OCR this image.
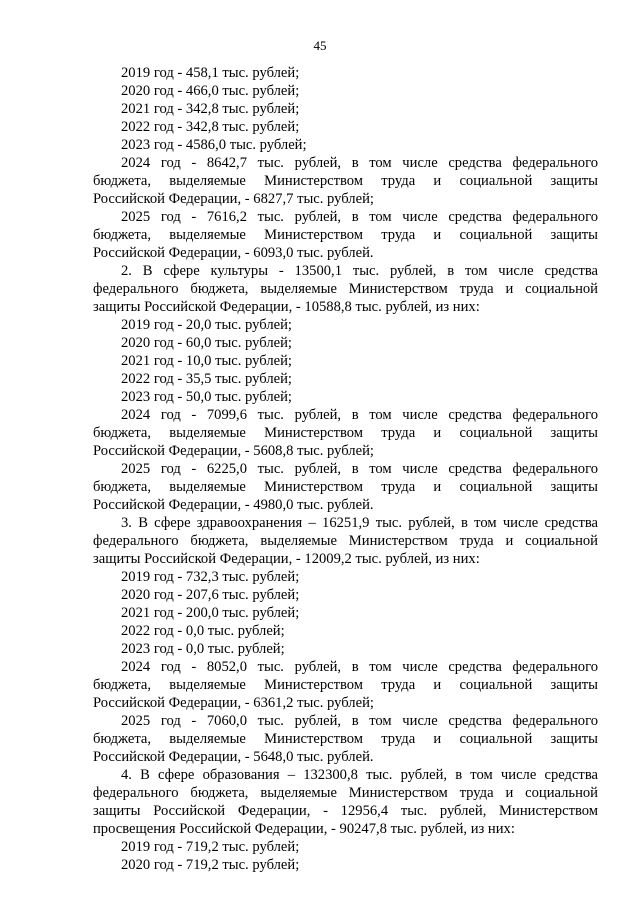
45
2019 год - 458,1 тыс. рублей;
2020 год - 466,0 тыс. рублей;
2021 год - 342,8 тыс. рублей;
2022 год - 342,8 тыс. рублей;
2023 год - 4586,0 тыс. рублей;
2024 год - 8642,7 тыс. рублей, в том числе средства федерального
бюджета, выделяемые Министерством труда и социальной защиты
Российской Федерации, - 6827,7 тыс. рублей;
2025 год - 7616,2 тыс. рублей, в том числе средства федерального
бюджета, выделяемые Министерством труда и социальной защиты
Российской Федерации, - 6093,0 тыс. рублей.
2. В сфере культуры - 13500,1 тыс. рублей, в том числе средства
федерального бюджета, выделяемые Министерством труда и социальной
защиты Российской Федерации, - 10588,8 тыс. рублей, из них:
2019 год - 20,0 тыс. рублей;
2020 год - 60,0 тыс. рублей;
2021 год - 10,0 тыс. рублей;
2022 год - 35,5 тыс. рублей;
2023 год - 50,0 тыс. рублей;
2024 год - 7099,6 тыс. рублей, в том числе средства федерального
бюджета, выделяемые Министерством труда и социальной защиты
Российской Федерации, - 5608,8 тыс. рублей;
2025 год - 6225,0 тыс. рублей, в том числе средства федерального
бюджета, выделяемые Министерством труда и социальной защиты
Российской Федерации, - 4980,0 тыс. рублей.
3. В сфере здравоохранения – 16251,9 тыс. рублей, в том числе средства
федерального бюджета, выделяемые Министерством труда и социальной
защиты Российской Федерации, - 12009,2 тыс. рублей, из них:
2019 год - 732,3 тыс. рублей;
2020 год - 207,6 тыс. рублей;
2021 год - 200,0 тыс. рублей;
2022 год - 0,0 тыс. рублей;
2023 год - 0,0 тыс. рублей;
2024 год - 8052,0 тыс. рублей, в том числе средства федерального
бюджета, выделяемые Министерством труда и социальной защиты
Российской Федерации, - 6361,2 тыс. рублей;
2025 год - 7060,0 тыс. рублей, в том числе средства федерального
бюджета, выделяемые Министерством труда и социальной защиты
Российской Федерации, - 5648,0 тыс. рублей.
4. В сфере образования – 132300,8 тыс. рублей, в том числе средства
федерального бюджета, выделяемые Министерством труда и социальной
защиты Российской Федерации, - 12956,4 тыс. рублей, Министерством
просвещения Российской Федерации, - 90247,8 тыс. рублей, из них:
2019 год - 719,2 тыс. рублей;
2020 год - 719,2 тыс. рублей;
